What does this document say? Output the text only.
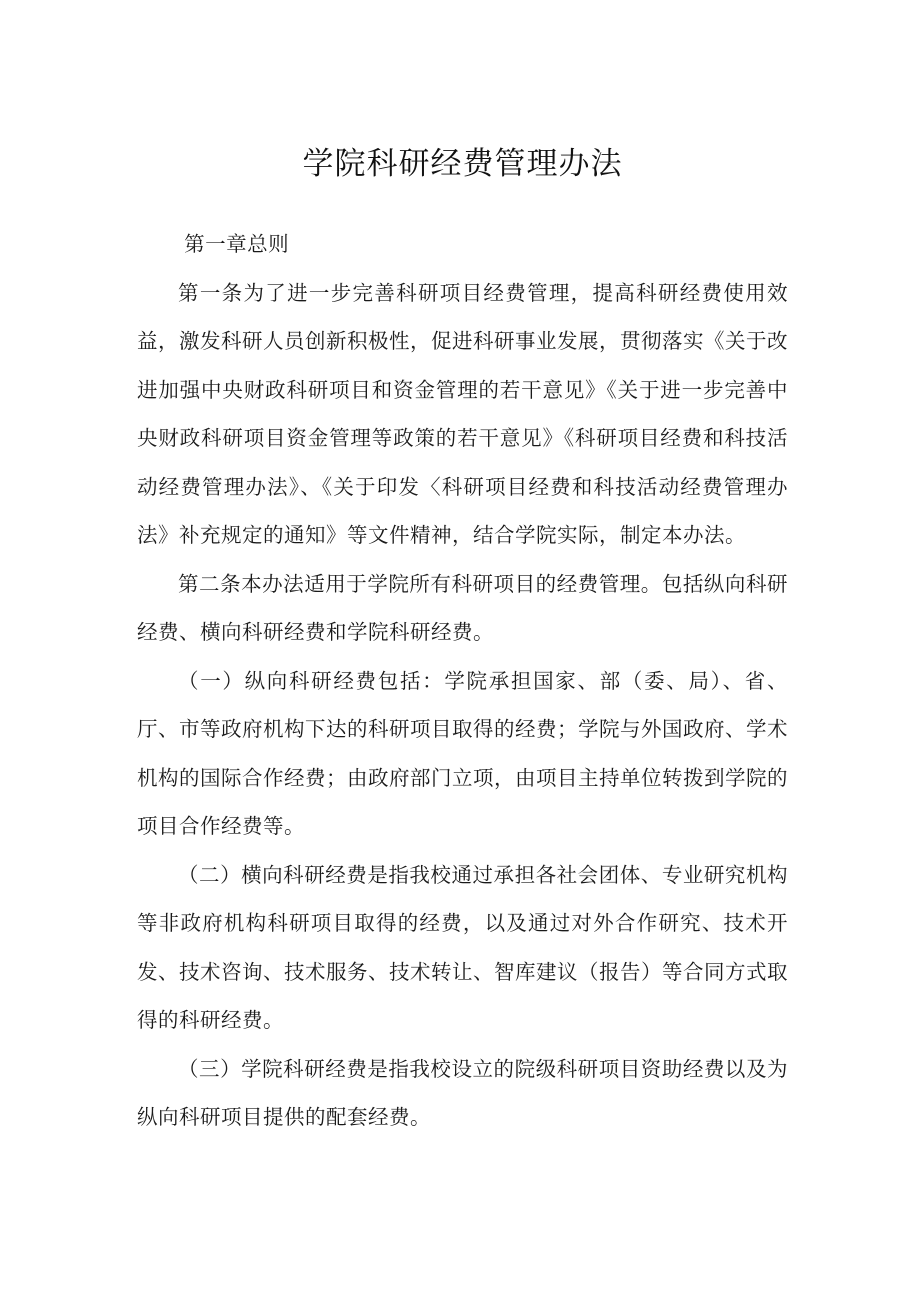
学院科研经费管理办法

第一章总则

第一条为了进一步完善科研项目经费管理，提高科研经费使用效益，激发科研人员创新积极性，促进科研事业发展，贯彻落实《关于改进加强中央财政科研项目和资金管理的若干意见》《关于进一步完善中央财政科研项目资金管理等政策的若干意见》《科研项目经费和科技活动经费管理办法》、《关于印发〈科研项目经费和科技活动经费管理办法》补充规定的通知》等文件精神，结合学院实际，制定本办法。

第二条本办法适用于学院所有科研项目的经费管理。包括纵向科研经费、横向科研经费和学院科研经费。

（一）纵向科研经费包括：学院承担国家、部（委、局）、省、厅、市等政府机构下达的科研项目取得的经费；学院与外国政府、学术机构的国际合作经费；由政府部门立项，由项目主持单位转拨到学院的项目合作经费等。

（二）横向科研经费是指我校通过承担各社会团体、专业研究机构等非政府机构科研项目取得的经费，以及通过对外合作研究、技术开发、技术咨询、技术服务、技术转让、智库建议（报告）等合同方式取得的科研经费。

（三）学院科研经费是指我校设立的院级科研项目资助经费以及为纵向科研项目提供的配套经费。
